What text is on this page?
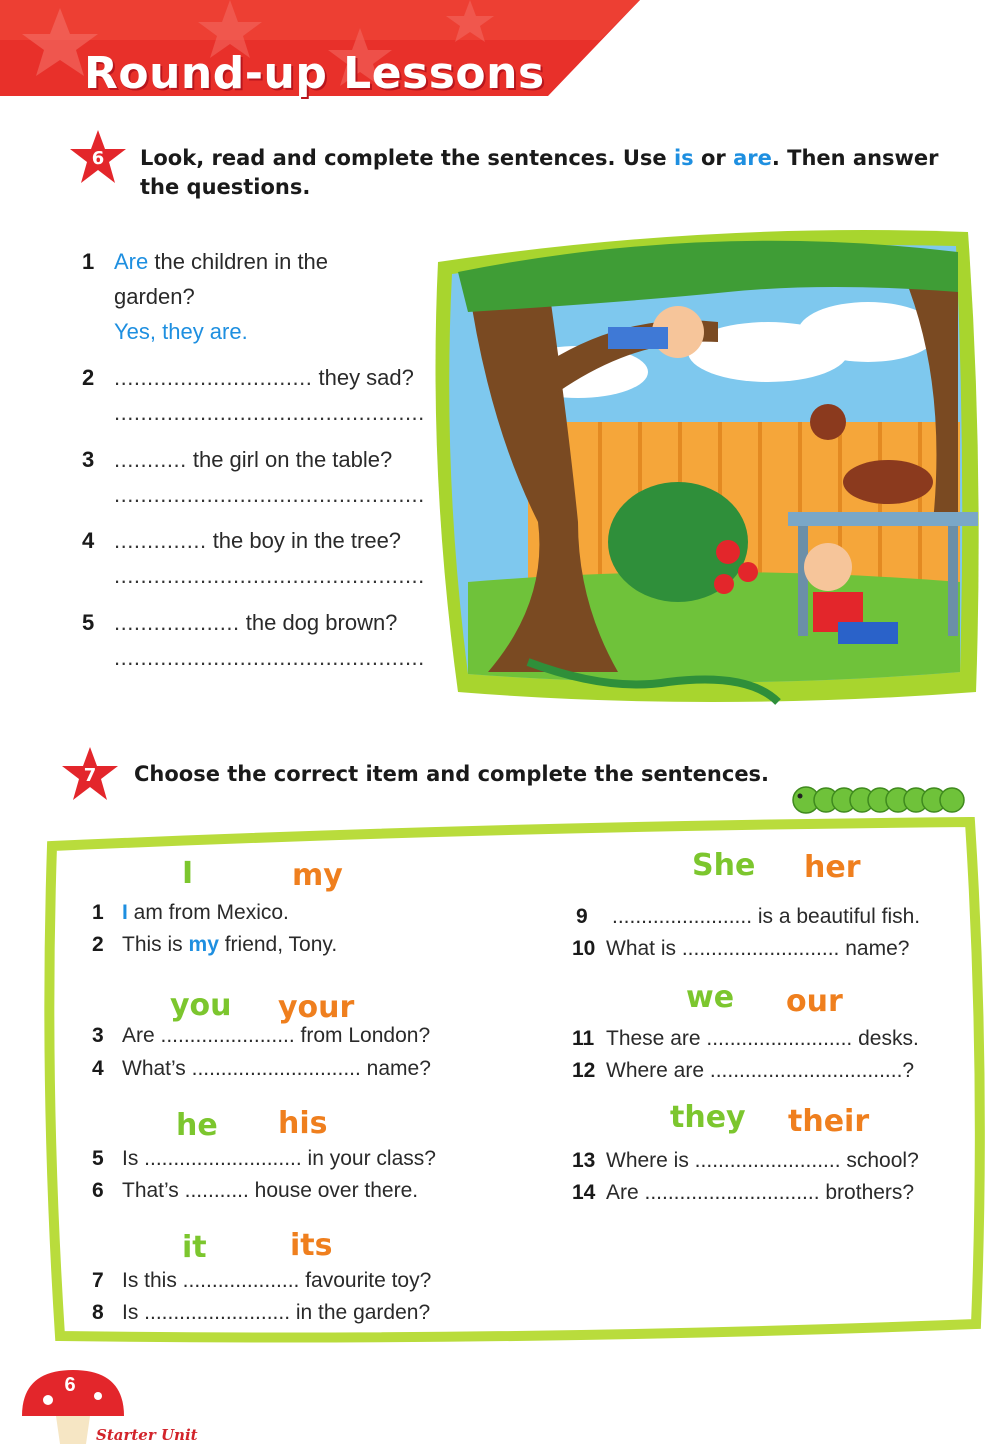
Round-up Lessons
6	Look, read and complete the sentences. Use is or are. Then answer the questions.
1 Are the children in the
garden?
Yes, they are.
2 .............................. they sad?
...............................................
3 ........... the girl on the table?
...............................................
4 .............. the boy in the tree?
...............................................
5 ................... the dog brown?
...............................................
7	Choose the correct item and complete the sentences.
I	my
you your
he his
it	its
She her
we our
they their
1 I am from Mexico.
2 This is my friend, Tony.
3 Are ....................... from London?
4 What’s ............................. name?
5 Is ........................... in your class?
6 That’s ........... house over there.
7 Is this .................... favourite toy?
8 Is ......................... in the garden?
9 ........................ is a beautiful fish.
10 What is ........................... name?
11 These are ......................... desks.
12 Where are .................................?
13 Where is ......................... school?
14 Are .............................. brothers?
6
Starter Unit
